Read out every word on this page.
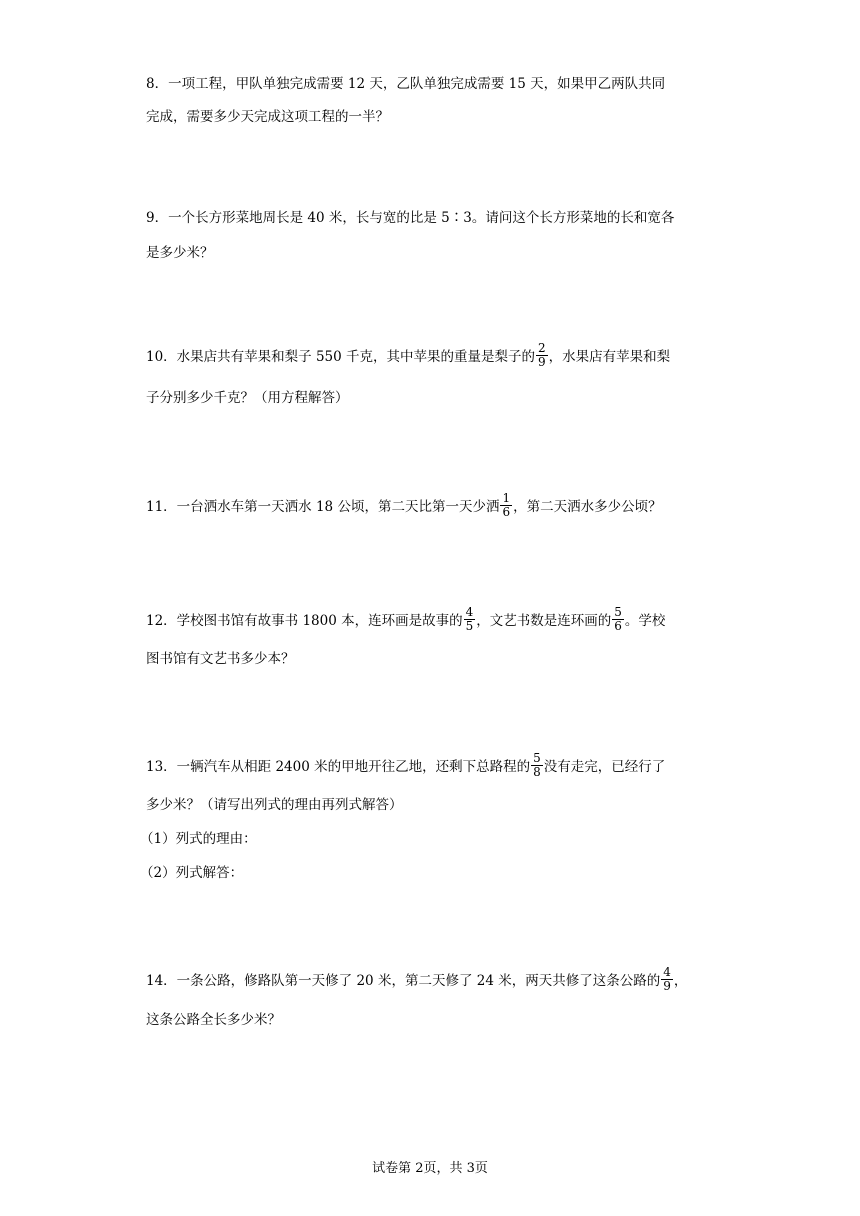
8．一项工程，甲队单独完成需要 12 天，乙队单独完成需要 15 天，如果甲乙两队共同
完成，需要多少天完成这项工程的一半？
9．一个长方形菜地周长是 40 米，长与宽的比是 5∶3。请问这个长方形菜地的长和宽各
是多少米？
10．水果店共有苹果和梨子 550 千克，其中苹果的重量是梨子的 $\frac{2}{9}$ ，水果店有苹果和梨
子分别多少千克？（用方程解答）
11．一台洒水车第一天洒水 18 公顷，第二天比第一天少洒 $\frac{1}{6}$ ，第二天洒水多少公顷？
12．学校图书馆有故事书 1800 本，连环画是故事的 $\frac{4}{5}$ ，文艺书数是连环画的 $\frac{5}{6}$ 。学校
图书馆有文艺书多少本？
13．一辆汽车从相距 2400 米的甲地开往乙地，还剩下总路程的 $\frac{5}{8}$ 没有走完，已经行了
多少米？（请写出列式的理由再列式解答）
（1）列式的理由：
（2）列式解答：
14．一条公路，修路队第一天修了 20 米，第二天修了 24 米，两天共修了这条公路的 $\frac{4}{9}$ ，
这条公路全长多少米？
试卷第 2页，共 3页
